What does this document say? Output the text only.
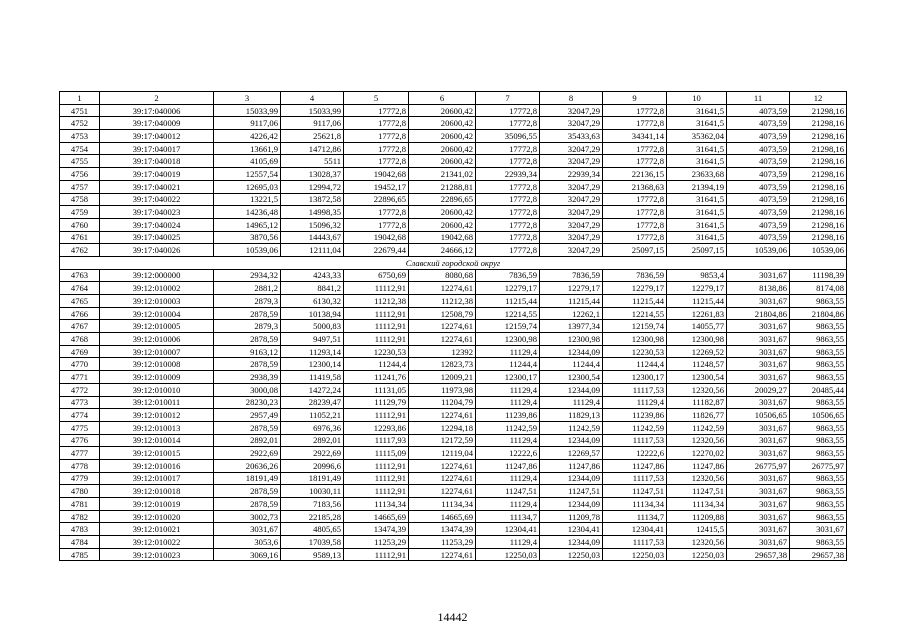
1	2	3	4	5	6	7	8	9	10	11	12
4751	39:17:040006	15033,99	15033,99	17772,8	20600,42	17772,8	32047,29	17772,8	31641,5	4073,59	21298,16
4752	39:17:040009	9117,06	9117,06	17772,8	20600,42	17772,8	32047,29	17772,8	31641,5	4073,59	21298,16
4753	39:17:040012	4226,42	25621,8	17772,8	20600,42	35096,55	35433,63	34341,14	35362,04	4073,59	21298,16
4754	39:17:040017	13661,9	14712,86	17772,8	20600,42	17772,8	32047,29	17772,8	31641,5	4073,59	21298,16
4755	39:17:040018	4105,69	5511	17772,8	20600,42	17772,8	32047,29	17772,8	31641,5	4073,59	21298,16
4756	39:17:040019	12557,54	13028,37	19042,68	21341,02	22939,34	22939,34	22136,15	23633,68	4073,59	21298,16
4757	39:17:040021	12695,03	12994,72	19452,17	21288,81	17772,8	32047,29	21368,63	21394,19	4073,59	21298,16
4758	39:17:040022	13221,5	13872,58	22896,65	22896,65	17772,8	32047,29	17772,8	31641,5	4073,59	21298,16
4759	39:17:040023	14236,48	14998,35	17772,8	20600,42	17772,8	32047,29	17772,8	31641,5	4073,59	21298,16
4760	39:17:040024	14965,12	15096,32	17772,8	20600,42	17772,8	32047,29	17772,8	31641,5	4073,59	21298,16
4761	39:17:040025	3870,56	14443,67	19042,68	19042,68	17772,8	32047,29	17772,8	31641,5	4073,59	21298,16
4762	39:17:040026	10539,06	12111,04	22679,44	24666,12	17772,8	32047,29	25097,15	25097,15	10539,06	10539,06
Славский городской округ											
4763	39:12:000000	2934,32	4243,33	6750,69	8080,68	7836,59	7836,59	7836,59	9853,4	3031,67	11198,39
4764	39:12:010002	2881,2	8841,2	11112,91	12274,61	12279,17	12279,17	12279,17	12279,17	8138,86	8174,08
4765	39:12:010003	2879,3	6130,32	11212,38	11212,38	11215,44	11215,44	11215,44	11215,44	3031,67	9863,55
4766	39:12:010004	2878,59	10138,94	11112,91	12508,79	12214,55	12262,1	12214,55	12261,83	21804,86	21804,86
4767	39:12:010005	2879,3	5000,83	11112,91	12274,61	12159,74	13977,34	12159,74	14055,77	3031,67	9863,55
4768	39:12:010006	2878,59	9497,51	11112,91	12274,61	12300,98	12300,98	12300,98	12300,98	3031,67	9863,55
4769	39:12:010007	9163,12	11293,14	12230,53	12392	11129,4	12344,09	12230,53	12269,52	3031,67	9863,55
4770	39:12:010008	2878,59	12300,14	11244,4	12823,73	11244,4	11244,4	11244,4	11248,57	3031,67	9863,55
4771	39:12:010009	2938,39	11419,58	11241,76	12009,21	12300,17	12300,54	12300,17	12300,54	3031,67	9863,55
4772	39:12:010010	3000,08	14272,24	11131,05	11973,98	11129,4	12344,09	11117,53	12320,56	20029,27	20485,44
4773	39:12:010011	28230,23	28239,47	11129,79	11204,79	11129,4	11129,4	11129,4	11182,87	3031,67	9863,55
4774	39:12:010012	2957,49	11052,21	11112,91	12274,61	11239,86	11829,13	11239,86	11826,77	10506,65	10506,65
4775	39:12:010013	2878,59	6976,36	12293,86	12294,18	11242,59	11242,59	11242,59	11242,59	3031,67	9863,55
4776	39:12:010014	2892,01	2892,01	11117,93	12172,59	11129,4	12344,09	11117,53	12320,56	3031,67	9863,55
4777	39:12:010015	2922,69	2922,69	11115,09	12119,04	12222,6	12269,57	12222,6	12270,02	3031,67	9863,55
4778	39:12:010016	20636,26	20996,6	11112,91	12274,61	11247,86	11247,86	11247,86	11247,86	26775,97	26775,97
4779	39:12:010017	18191,49	18191,49	11112,91	12274,61	11129,4	12344,09	11117,53	12320,56	3031,67	9863,55
4780	39:12:010018	2878,59	10030,11	11112,91	12274,61	11247,51	11247,51	11247,51	11247,51	3031,67	9863,55
4781	39:12:010019	2878,59	7183,56	11134,34	11134,34	11129,4	12344,09	11134,34	11134,34	3031,67	9863,55
4782	39:12:010020	3002,73	22185,28	14665,69	14665,69	11134,7	11209,78	11134,7	11209,88	3031,67	9863,55
4783	39:12:010021	3031,67	4805,65	13474,39	13474,39	12304,41	12304,41	12304,41	12415,5	3031,67	3031,67
4784	39:12:010022	3053,6	17039,58	11253,29	11253,29	11129,4	12344,09	11117,53	12320,56	3031,67	9863,55
4785	39:12:010023	3069,16	9589,13	11112,91	12274,61	12250,03	12250,03	12250,03	12250,03	29657,38	29657,38
14442
